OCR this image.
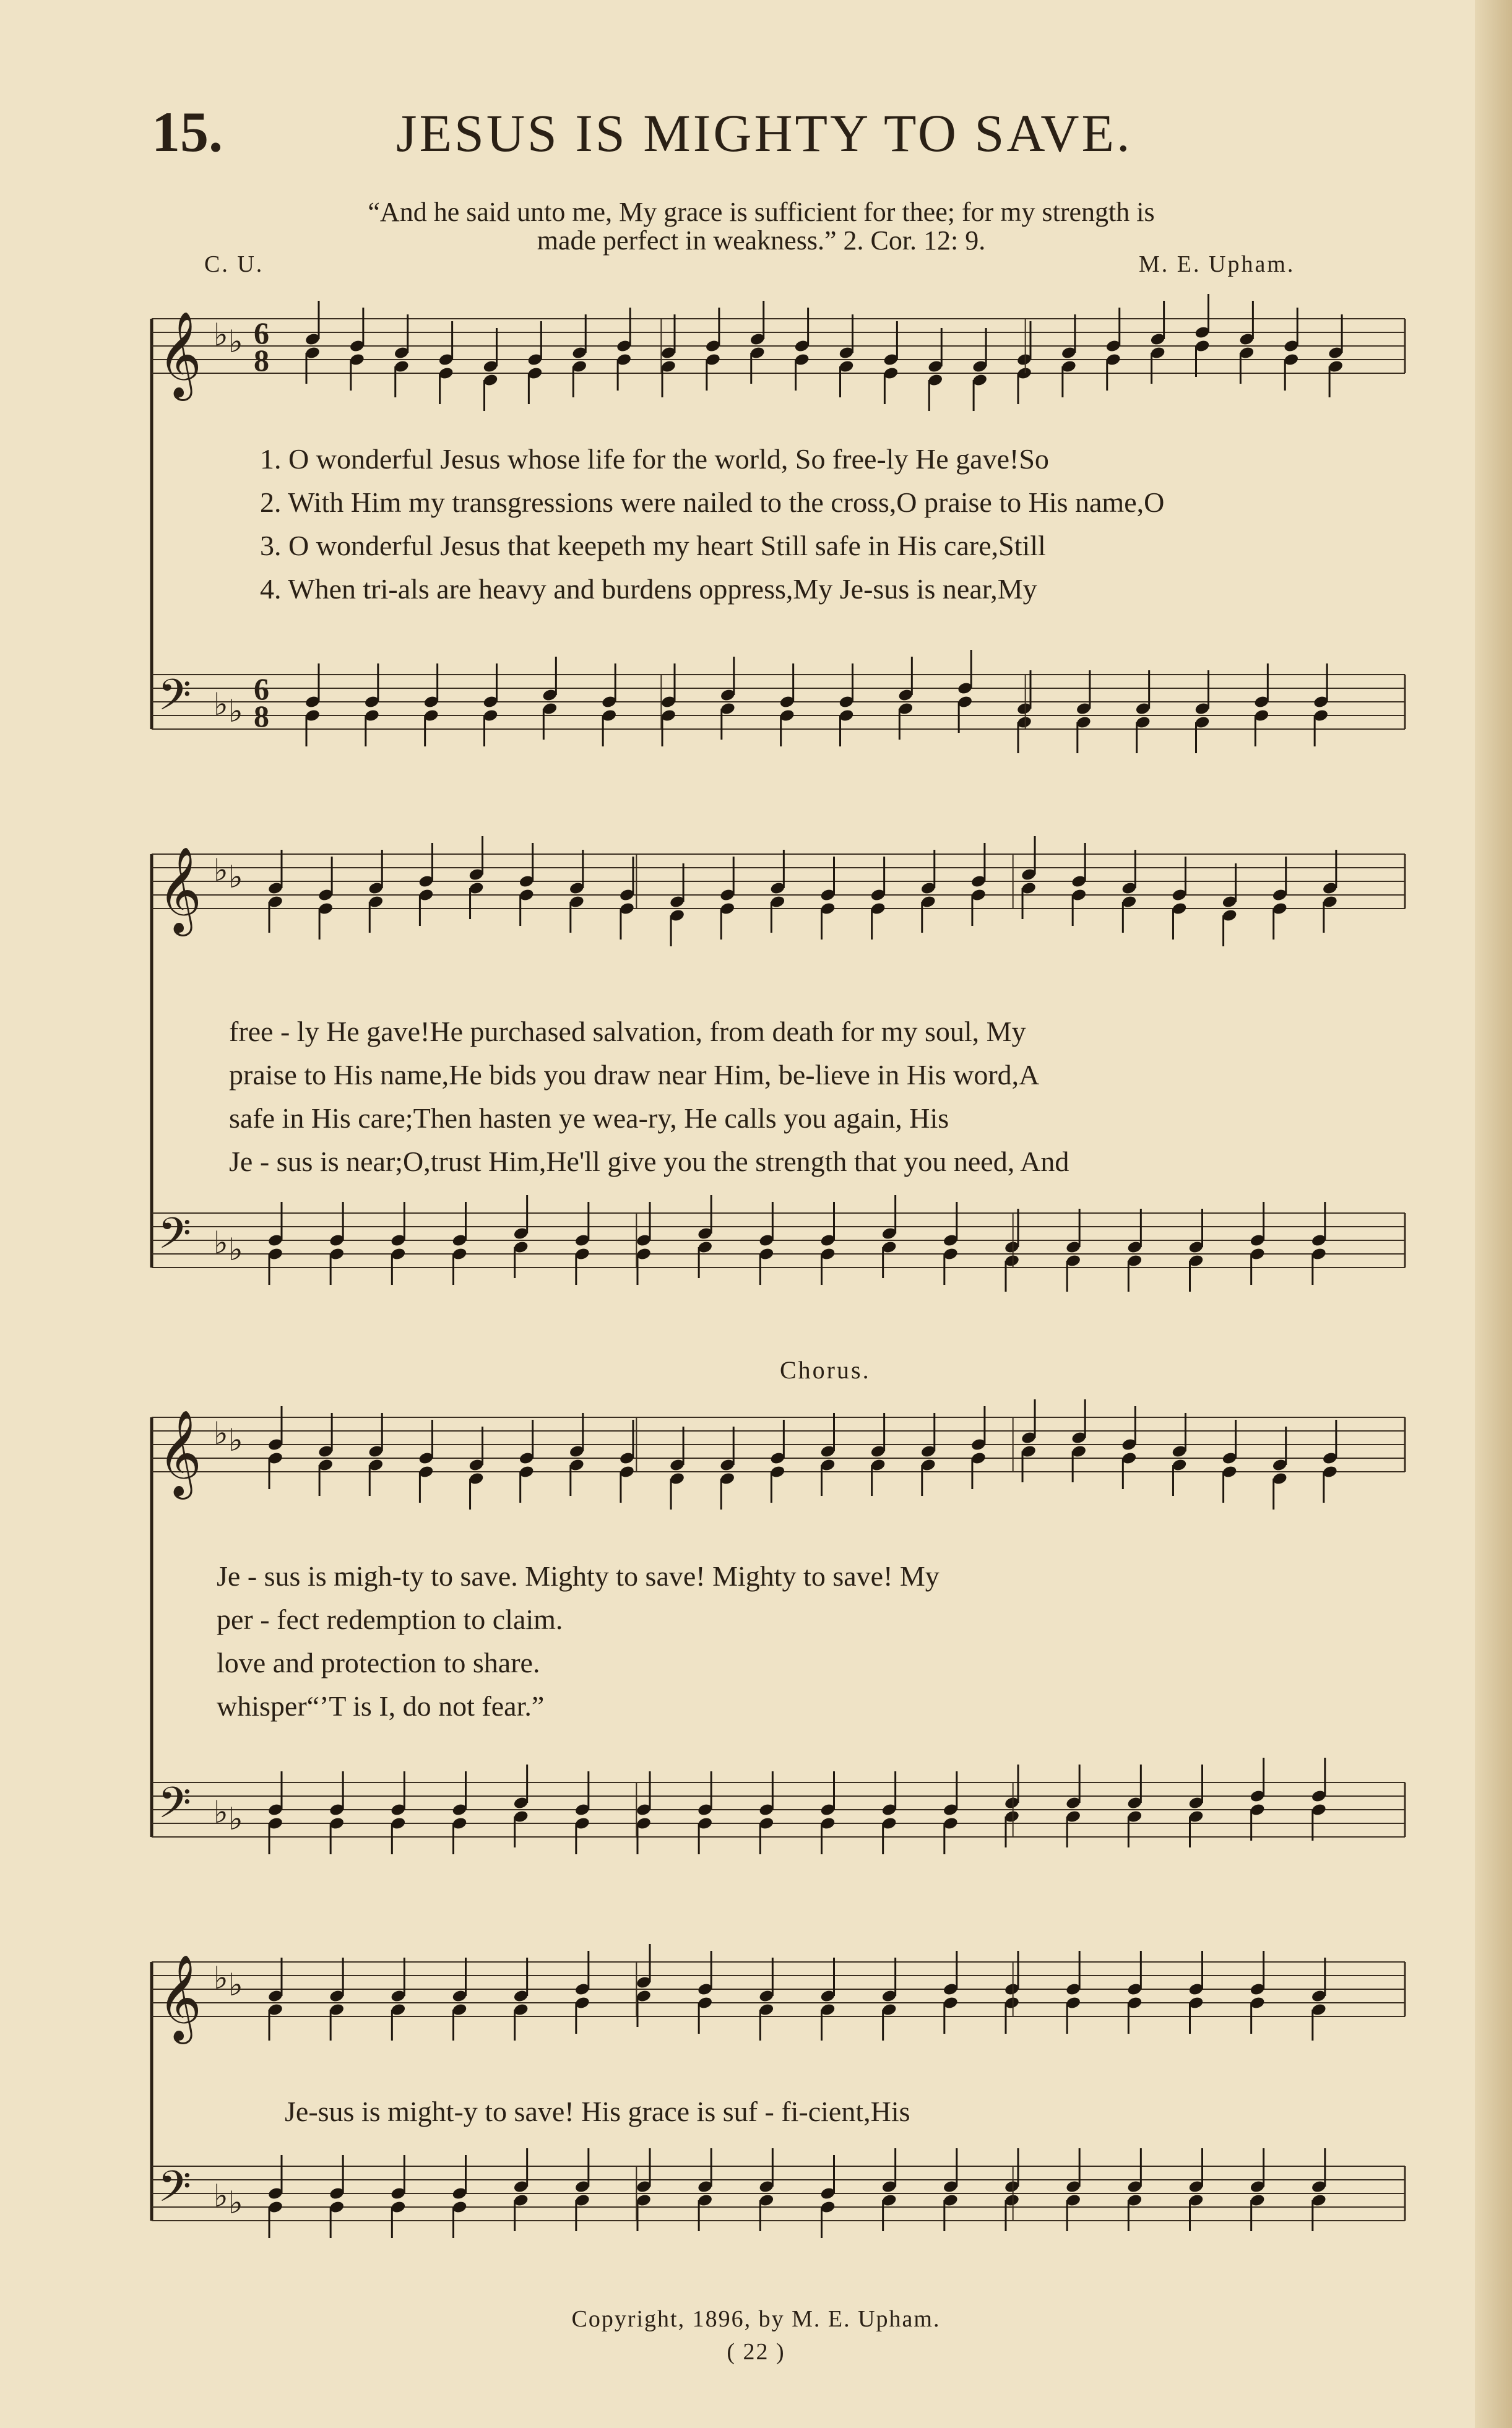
15.	JESUS IS MIGHTY TO SAVE.
“And he said unto me, My grace is sufficient for thee; for my strength is
made perfect in weakness.” 2. Cor. 12: 9.
C. U.	M. E. Upham.
𝄞 ♭ ♭ 6
8
𝄢 ♭ ♭
6
8
1. O wonderful Jesus whose life for the world, So free-ly He gave!So
2. With Him my transgressions were nailed to the cross,O praise to His name,O
3. O wonderful Jesus that keepeth my heart Still safe in His care,Still
4. When tri-als are heavy and burdens oppress,My Je-sus is near,My
𝄞 ♭ ♭
𝄢 ♭ ♭
free - ly He gave!He purchased salvation, from death for my soul, My
praise to His name,He bids you draw near Him, be-lieve in His word,A
safe in His care;Then hasten ye wea-ry, He calls you again, His
Je - sus is near;O,trust Him,He'll give you the strength that you need, And
Chorus.
𝄞 ♭ ♭
𝄢 ♭ ♭
Je - sus is migh-ty to save. Mighty to save! Mighty to save! My
per - fect redemption to claim.
love and protection to share.
whisper“’T is I, do not fear.”
𝄞 ♭ ♭
𝄢 ♭ ♭
Je-sus is might-y to save! His grace is suf - fi-cient,His
Copyright, 1896, by M. E. Upham.
( 22 )
